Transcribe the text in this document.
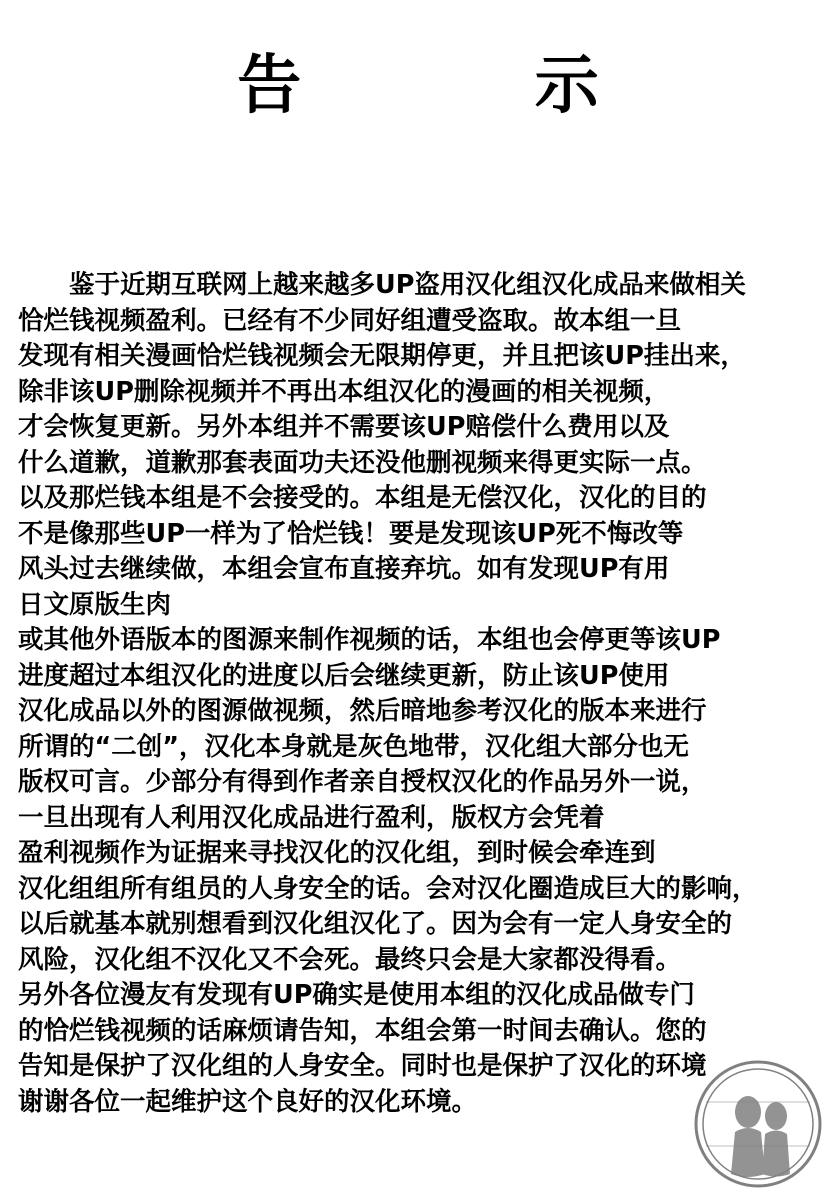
告　　示
　　鉴于近期互联网上越来越多UP盗用汉化组汉化成品来做相关
恰烂钱视频盈利。已经有不少同好组遭受盗取。故本组一旦
发现有相关漫画恰烂钱视频会无限期停更，并且把该UP挂出来，
除非该UP删除视频并不再出本组汉化的漫画的相关视频，
才会恢复更新。另外本组并不需要该UP赔偿什么费用以及
什么道歉，道歉那套表面功夫还没他删视频来得更实际一点。
以及那烂钱本组是不会接受的。本组是无偿汉化，汉化的目的
不是像那些UP一样为了恰烂钱！要是发现该UP死不悔改等
风头过去继续做，本组会宣布直接弃坑。如有发现UP有用
日文原版生肉
或其他外语版本的图源来制作视频的话，本组也会停更等该UP
进度超过本组汉化的进度以后会继续更新，防止该UP使用
汉化成品以外的图源做视频，然后暗地参考汉化的版本来进行
所谓的“二创”，汉化本身就是灰色地带，汉化组大部分也无
版权可言。少部分有得到作者亲自授权汉化的作品另外一说，
一旦出现有人利用汉化成品进行盈利，版权方会凭着
盈利视频作为证据来寻找汉化的汉化组，到时候会牵连到
汉化组组所有组员的人身安全的话。会对汉化圈造成巨大的影响，
以后就基本就别想看到汉化组汉化了。因为会有一定人身安全的
风险，汉化组不汉化又不会死。最终只会是大家都没得看。
另外各位漫友有发现有UP确实是使用本组的汉化成品做专门
的恰烂钱视频的话麻烦请告知，本组会第一时间去确认。您的
告知是保护了汉化组的人身安全。同时也是保护了汉化的环境
谢谢各位一起维护这个良好的汉化环境。
